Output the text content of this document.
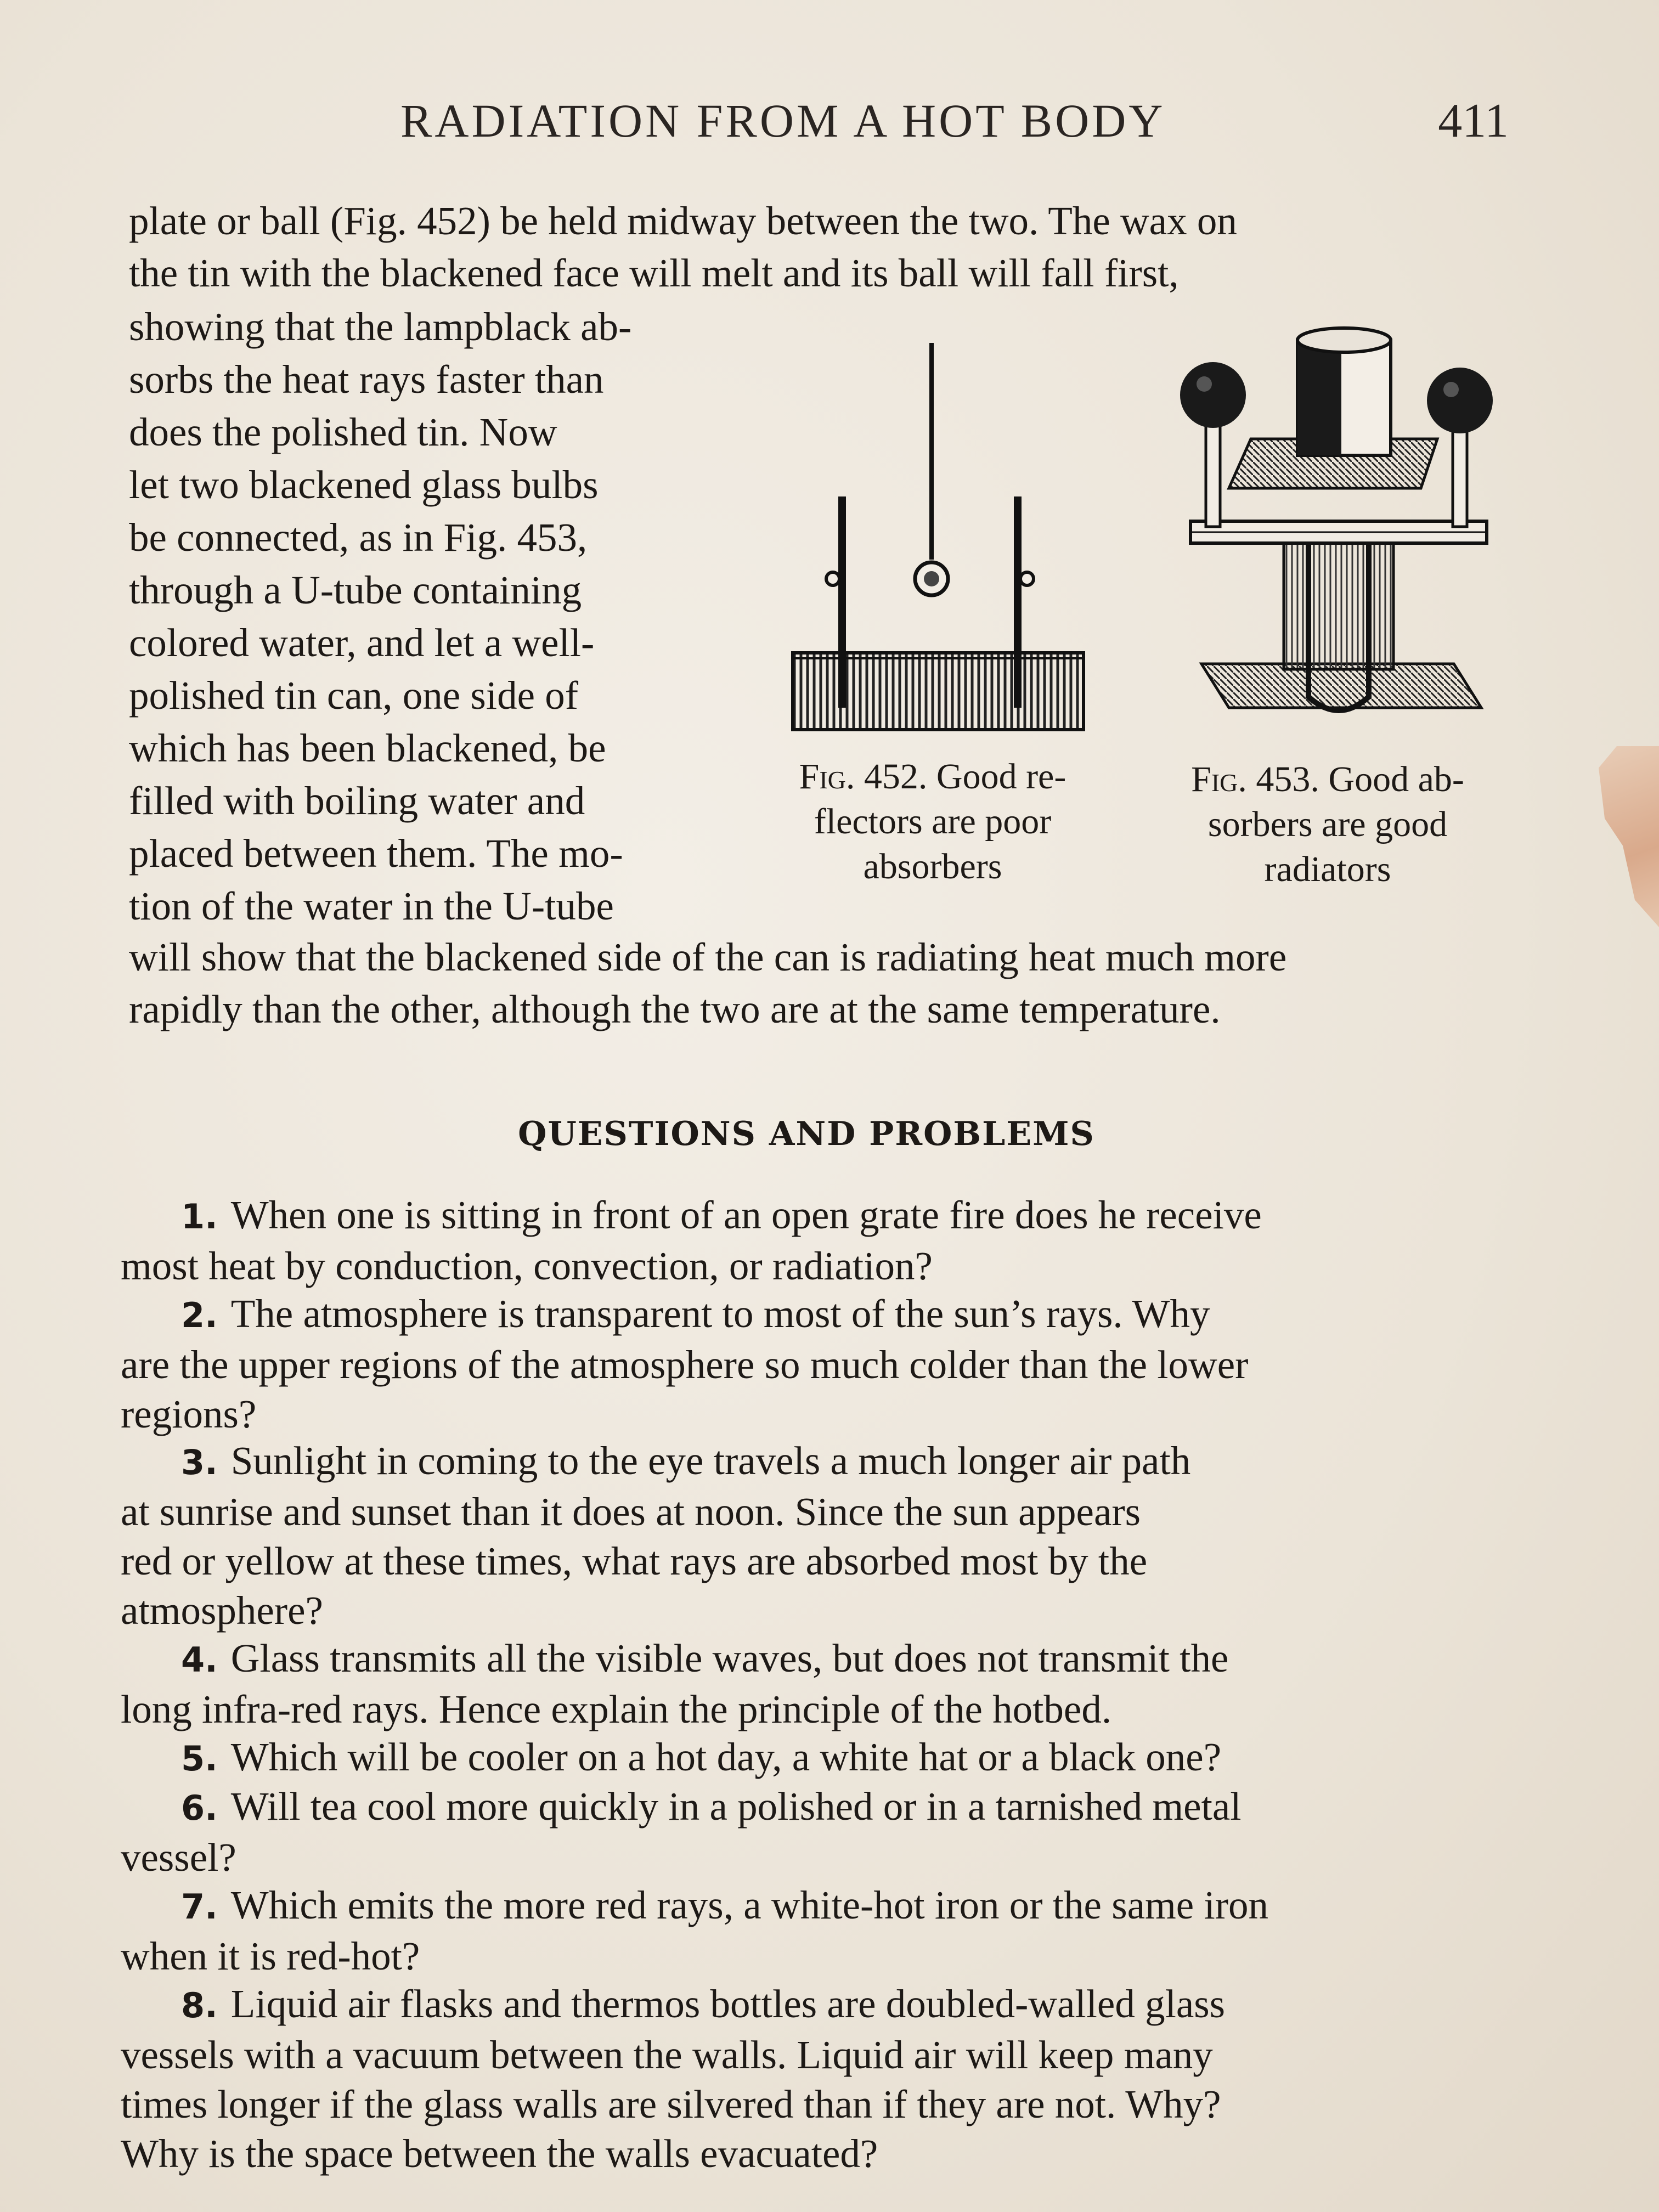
RADIATION FROM A HOT BODY	411
plate or ball (Fig. 452) be held midway between the two. The wax on
the tin with the blackened face will melt and its ball will fall first,
showing that the lampblack ab-
sorbs the heat rays faster than
does the polished tin. Now
let two blackened glass bulbs
be connected, as in Fig. 453,
through a U-tube containing
colored water, and let a well-
polished tin can, one side of
which has been blackened, be
filled with boiling water and
placed between them. The mo-
tion of the water in the U-tube
Fig. 452. Good re-
flectors are poor
absorbers
Fig. 453. Good ab-
sorbers are good
radiators
will show that the blackened side of the can is radiating heat much more
rapidly than the other, although the two are at the same temperature.
QUESTIONS AND PROBLEMS
1. When one is sitting in front of an open grate fire does he receive
most heat by conduction, convection, or radiation?
2. The atmosphere is transparent to most of the sun’s rays. Why
are the upper regions of the atmosphere so much colder than the lower
regions?
3. Sunlight in coming to the eye travels a much longer air path
at sunrise and sunset than it does at noon. Since the sun appears
red or yellow at these times, what rays are absorbed most by the
atmosphere?
4. Glass transmits all the visible waves, but does not transmit the
long infra-red rays. Hence explain the principle of the hotbed.
5. Which will be cooler on a hot day, a white hat or a black one?
6. Will tea cool more quickly in a polished or in a tarnished metal
vessel?
7. Which emits the more red rays, a white-hot iron or the same iron
when it is red-hot?
8. Liquid air flasks and thermos bottles are doubled-walled glass
vessels with a vacuum between the walls. Liquid air will keep many
times longer if the glass walls are silvered than if they are not. Why?
Why is the space between the walls evacuated?
